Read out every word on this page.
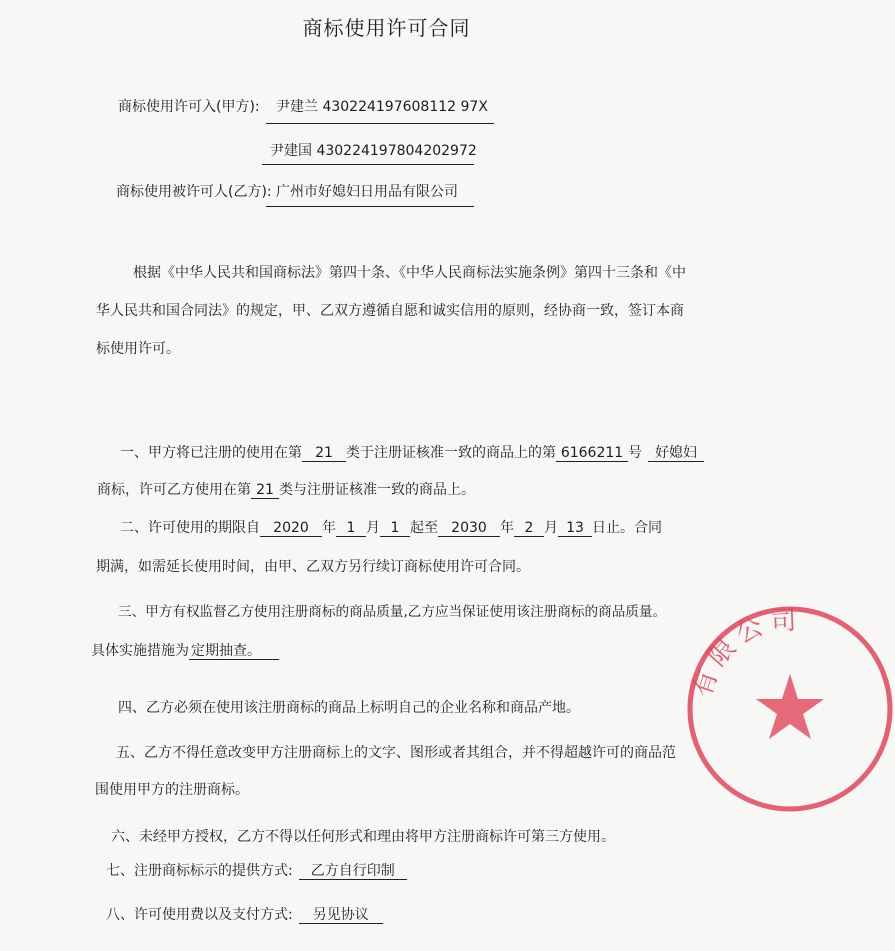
商标使用许可合同
商标使用许可入(甲方): 尹建兰 430224197608112 97X
尹建国 430224197804202972
商标使用被许可人(乙方): 广州市好媳妇日用品有限公司
根据《中华人民共和国商标法》第四十条、《中华人民商标法实施条例》第四十三条和《中
华人民共和国合同法》的规定，甲、乙双方遵循自愿和诚实信用的原则，经协商一致，签订本商
标使用许可。
一、甲方将已注册的使用在第 21 类于注册证核准一致的商品上的第 6166211 号 好媳妇
商标，许可乙方使用在第 21 类与注册证核准一致的商品上。
二、许可使用的期限自 2020 年 1 月 1 起至 2030 年 2 月 13 日止。合同
期满，如需延长使用时间，由甲、乙双方另行续订商标使用许可合同。
三、甲方有权监督乙方使用注册商标的商品质量,乙方应当保证使用该注册商标的商品质量。
具体实施措施为 定期抽查。
四、乙方必须在使用该注册商标的商品上标明自己的企业名称和商品产地。
五、乙方不得任意改变甲方注册商标上的文字、图形或者其组合，并不得超越许可的商品范
围使用甲方的注册商标。
六、未经甲方授权，乙方不得以任何形式和理由将甲方注册商标许可第三方使用。
七、注册商标标示的提供方式: 乙方自行印制
八、许可使用费以及支付方式: 另见协议
有限公司
